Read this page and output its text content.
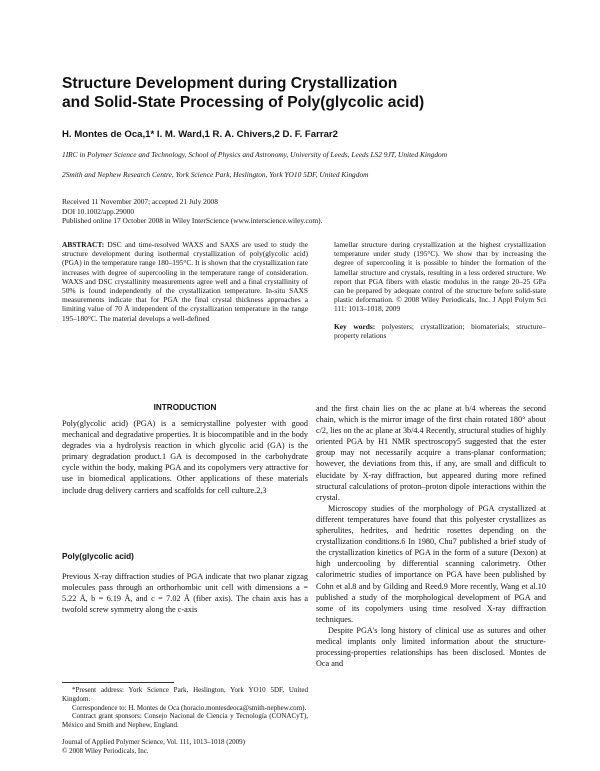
Structure Development during Crystallization
and Solid-State Processing of Poly(glycolic acid)
H. Montes de Oca,1* I. M. Ward,1 R. A. Chivers,2 D. F. Farrar2
1IRC in Polymer Science and Technology, School of Physics and Astronomy, University of Leeds, Leeds LS2 9JT, United Kingdom
2Smith and Nephew Research Centre, York Science Park, Heslington, York YO10 5DF, United Kingdom
Received 11 November 2007; accepted 21 July 2008
DOI 10.1002/app.29000
Published online 17 October 2008 in Wiley InterScience (www.interscience.wiley.com).
ABSTRACT: DSC and time-resolved WAXS and SAXS are used to study the structure development during isothermal crystallization of poly(glycolic acid) (PGA) in the temperature range 180–195°C. It is shown that the crystallization rate increases with degree of supercooling in the temperature range of consideration. WAXS and DSC crystallinity measurements agree well and a final crystallinity of 50% is found independently of the crystallization temperature. In-situ SAXS measurements indicate that for PGA the final crystal thickness approaches a limiting value of 70 Å independent of the crystallization temperature in the range 195–180°C. The material develops a well-defined
lamellar structure during crystallization at the highest crystallization temperature under study (195°C). We show that by increasing the degree of supercooling it is possible to hinder the formation of the lamellar structure and crystals, resulting in a less ordered structure. We report that PGA fibers with elastic modulus in the range 20–25 GPa can be prepared by adequate control of the structure before solid-state plastic deformation. © 2008 Wiley Periodicals, Inc. J Appl Polym Sci 111: 1013–1018, 2009
Key words: polyesters; crystallization; biomaterials; structure–property relations
INTRODUCTION

Poly(glycolic acid) (PGA) is a semicrystalline polyester with good mechanical and degradative properties. It is biocompatible and in the body degrades via a hydrolysis reaction in which glycolic acid (GA) is the primary degradation product.1 GA is decomposed in the carbohydrate cycle within the body, making PGA and its copolymers very attractive for use in biomedical applications. Other applications of these materials include drug delivery carriers and scaffolds for cell culture.2,3

Poly(glycolic acid)

Previous X-ray diffraction studies of PGA indicate that two planar zigzag molecules pass through an orthorhombic unit cell with dimensions a = 5.22 Å, b = 6.19 Å, and c = 7.02 Å (fiber axis). The chain axis has a twofold screw symmetry along the c-axis

*Present address: York Science Park, Heslington, York YO10 5DF, United Kingdom.

Correspondence to: H. Montes de Oca (horacio.montesdeoca@smith-nephew.com).

Contract grant sponsors: Consejo Nacional de Ciencia y Tecnología (CONACyT), México and Smith and Nephew, England.

Journal of Applied Polymer Science, Vol. 111, 1013–1018 (2009)
© 2008 Wiley Periodicals, Inc.

and the first chain lies on the ac plane at b/4 whereas the second chain, which is the mirror image of the first chain rotated 180° about c/2, lies on the ac plane at 3b/4.4 Recently, structural studies of highly oriented PGA by H1 NMR spectroscopy5 suggested that the ester group may not necessarily acquire a trans-planar conformation; however, the deviations from this, if any, are small and difficult to elucidate by X-ray diffraction, but appeared during more refined structural calculations of proton–proton dipole interactions within the crystal.

Microscopy studies of the morphology of PGA crystallized at different temperatures have found that this polyester crystallizes as spherulites, hedrites, and hedritic rosettes depending on the crystallization conditions.6 In 1980, Chu7 published a brief study of the crystallization kinetics of PGA in the form of a suture (Dexon) at high undercooling by differential scanning calorimetry. Other calorimetric studies of importance on PGA have been published by Cohn et al.8 and by Gilding and Reed.9 More recently, Wang et al.10 published a study of the morphological development of PGA and some of its copolymers using time resolved X-ray diffraction techniques.

Despite PGA's long history of clinical use as sutures and other medical implants only limited information about the structure-processing-properties relationships has been disclosed. Montes de Oca and
